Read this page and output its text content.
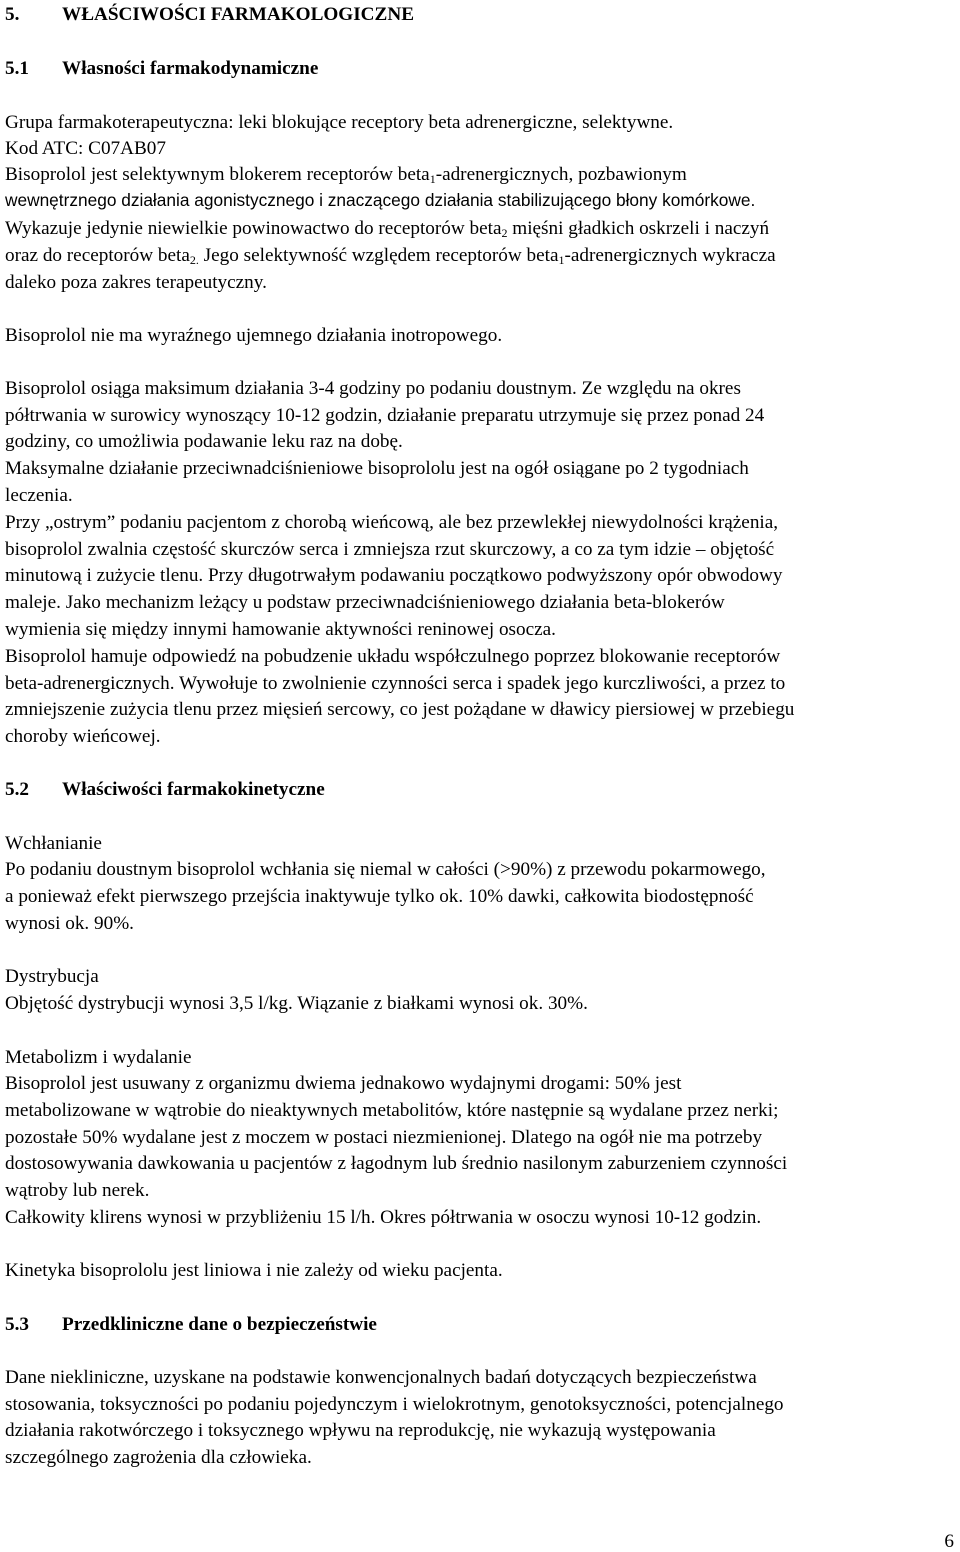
5. WŁAŚCIWOŚCI FARMAKOLOGICZNE
5.1 Własności farmakodynamiczne
Grupa farmakoterapeutyczna: leki blokujące receptory beta adrenergiczne, selektywne.
Kod ATC: C07AB07
Bisoprolol jest selektywnym blokerem receptorów beta$_1$-adrenergicznych, pozbawionym
wewnętrznego działania agonistycznego i znaczącego działania stabilizującego błony komórkowe.
Wykazuje jedynie niewielkie powinowactwo do receptorów beta$_2$ mięśni gładkich oskrzeli i naczyń
oraz do receptorów beta$_{2.}$ Jego selektywność względem receptorów beta$_1$-adrenergicznych wykracza
daleko poza zakres terapeutyczny.
Bisoprolol nie ma wyraźnego ujemnego działania inotropowego.
Bisoprolol osiąga maksimum działania 3-4 godziny po podaniu doustnym. Ze względu na okres
półtrwania w surowicy wynoszący 10-12 godzin, działanie preparatu utrzymuje się przez ponad 24
godziny, co umożliwia podawanie leku raz na dobę.
Maksymalne działanie przeciwnadciśnieniowe bisoprololu jest na ogół osiągane po 2 tygodniach
leczenia.
Przy „ostrym” podaniu pacjentom z chorobą wieńcową, ale bez przewlekłej niewydolności krążenia,
bisoprolol zwalnia częstość skurczów serca i zmniejsza rzut skurczowy, a co za tym idzie – objętość
minutową i zużycie tlenu. Przy długotrwałym podawaniu początkowo podwyższony opór obwodowy
maleje. Jako mechanizm leżący u podstaw przeciwnadciśnieniowego działania beta-blokerów
wymienia się między innymi hamowanie aktywności reninowej osocza.
Bisoprolol hamuje odpowiedź na pobudzenie układu współczulnego poprzez blokowanie receptorów
beta-adrenergicznych. Wywołuje to zwolnienie czynności serca i spadek jego kurczliwości, a przez to
zmniejszenie zużycia tlenu przez mięsień sercowy, co jest pożądane w dławicy piersiowej w przebiegu
choroby wieńcowej.
5.2 Właściwości farmakokinetyczne
Wchłanianie
Po podaniu doustnym bisoprolol wchłania się niemal w całości (>90%) z przewodu pokarmowego,
a ponieważ efekt pierwszego przejścia inaktywuje tylko ok. 10% dawki, całkowita biodostępność
wynosi ok. 90%.
Dystrybucja
Objętość dystrybucji wynosi 3,5 l/kg. Wiązanie z białkami wynosi ok. 30%.
Metabolizm i wydalanie
Bisoprolol jest usuwany z organizmu dwiema jednakowo wydajnymi drogami: 50% jest
metabolizowane w wątrobie do nieaktywnych metabolitów, które następnie są wydalane przez nerki;
pozostałe 50% wydalane jest z moczem w postaci niezmienionej. Dlatego na ogół nie ma potrzeby
dostosowywania dawkowania u pacjentów z łagodnym lub średnio nasilonym zaburzeniem czynności
wątroby lub nerek.
Całkowity klirens wynosi w przybliżeniu 15 l/h. Okres półtrwania w osoczu wynosi 10-12 godzin.
Kinetyka bisoprololu jest liniowa i nie zależy od wieku pacjenta.
5.3 Przedkliniczne dane o bezpieczeństwie
Dane niekliniczne, uzyskane na podstawie konwencjonalnych badań dotyczących bezpieczeństwa
stosowania, toksyczności po podaniu pojedynczym i wielokrotnym, genotoksyczności, potencjalnego
działania rakotwórczego i toksycznego wpływu na reprodukcję, nie wykazują występowania
szczególnego zagrożenia dla człowieka.
6
